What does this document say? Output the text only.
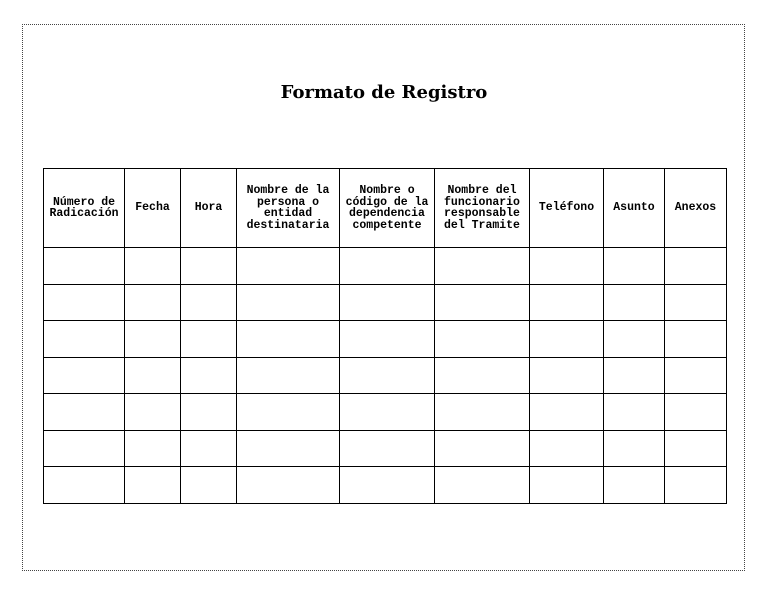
Formato de Registro
Número de
Radicación	Fecha	Hora	Nombre de la
persona o
entidad
destinataria	Nombre o
código de la
dependencia
competente	Nombre del
funcionario
responsable
del Tramite	Teléfono	Asunto	Anexos
